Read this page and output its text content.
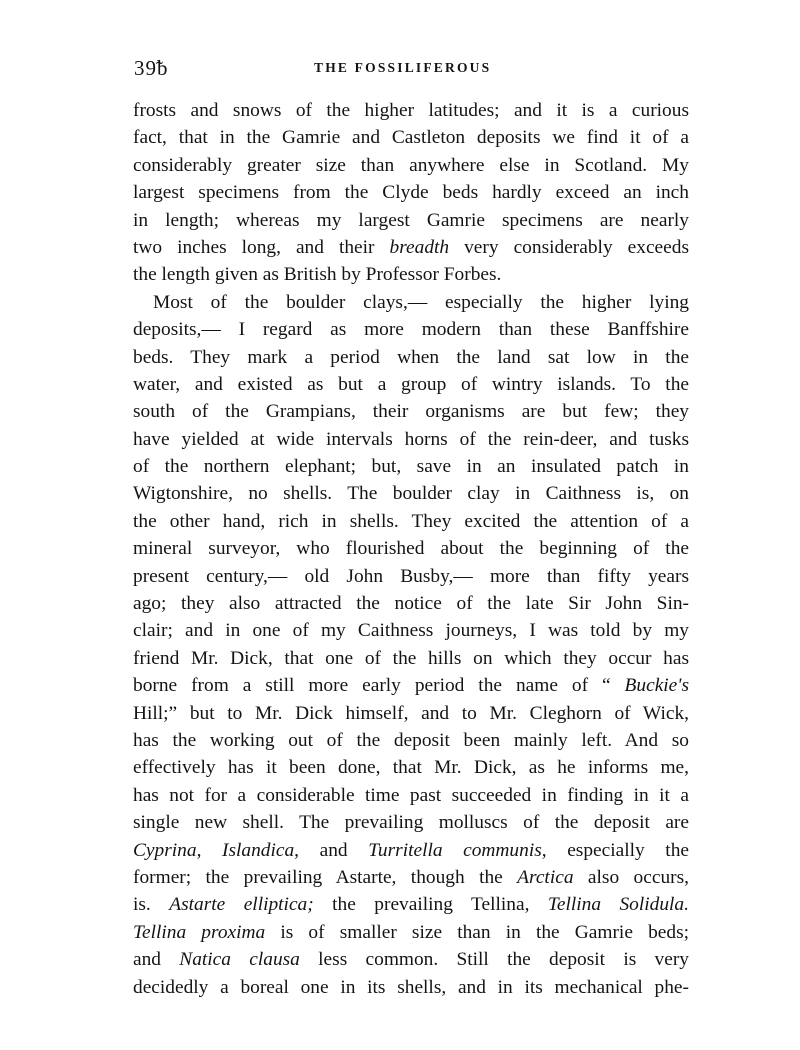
39ᵬ	THE FOSSILIFEROUS
frosts and snows of the higher latitudes; and it is a curious
fact, that in the Gamrie and Castleton deposits we find it of a
considerably greater size than anywhere else in Scotland. My
largest specimens from the Clyde beds hardly exceed an inch
in length; whereas my largest Gamrie specimens are nearly
two inches long, and their breadth very considerably exceeds
the length given as British by Professor Forbes.
Most of the boulder clays,— especially the higher lying
deposits,— I regard as more modern than these Banffshire
beds. They mark a period when the land sat low in the
water, and existed as but a group of wintry islands. To the
south of the Grampians, their organisms are but few; they
have yielded at wide intervals horns of the rein-deer, and tusks
of the northern elephant; but, save in an insulated patch in
Wigtonshire, no shells. The boulder clay in Caithness is, on
the other hand, rich in shells. They excited the attention of a
mineral surveyor, who flourished about the beginning of the
present century,— old John Busby,— more than fifty years
ago; they also attracted the notice of the late Sir John Sin-
clair; and in one of my Caithness journeys, I was told by my
friend Mr. Dick, that one of the hills on which they occur has
borne from a still more early period the name of “ Buckie's
Hill;” but to Mr. Dick himself, and to Mr. Cleghorn of Wick,
has the working out of the deposit been mainly left. And so
effectively has it been done, that Mr. Dick, as he informs me,
has not for a considerable time past succeeded in finding in it a
single new shell. The prevailing molluscs of the deposit are
Cyprina, Islandica, and Turritella communis, especially the
former; the prevailing Astarte, though the Arctica also occurs,
is. Astarte elliptica; the prevailing Tellina, Tellina Solidula.
Tellina proxima is of smaller size than in the Gamrie beds;
and Natica clausa less common. Still the deposit is very
decidedly a boreal one in its shells, and in its mechanical phe-
